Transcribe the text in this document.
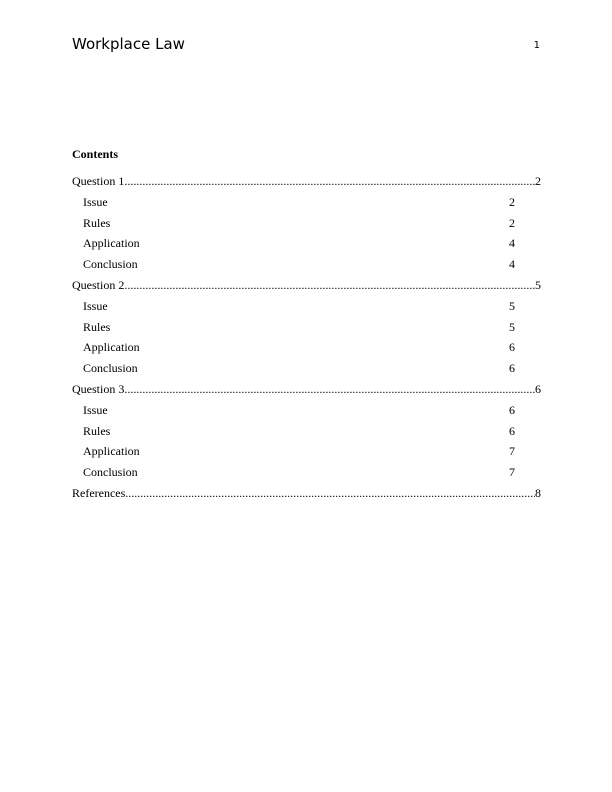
Workplace Law	1
Contents
Question 1 .....	2
Issue	2
Rules	2
Application	4
Conclusion	4
Question 2 .....	5
Issue	5
Rules	5
Application	6
Conclusion	6
Question 3 .....	6
Issue	6
Rules	6
Application	7
Conclusion	7
References .....	8
